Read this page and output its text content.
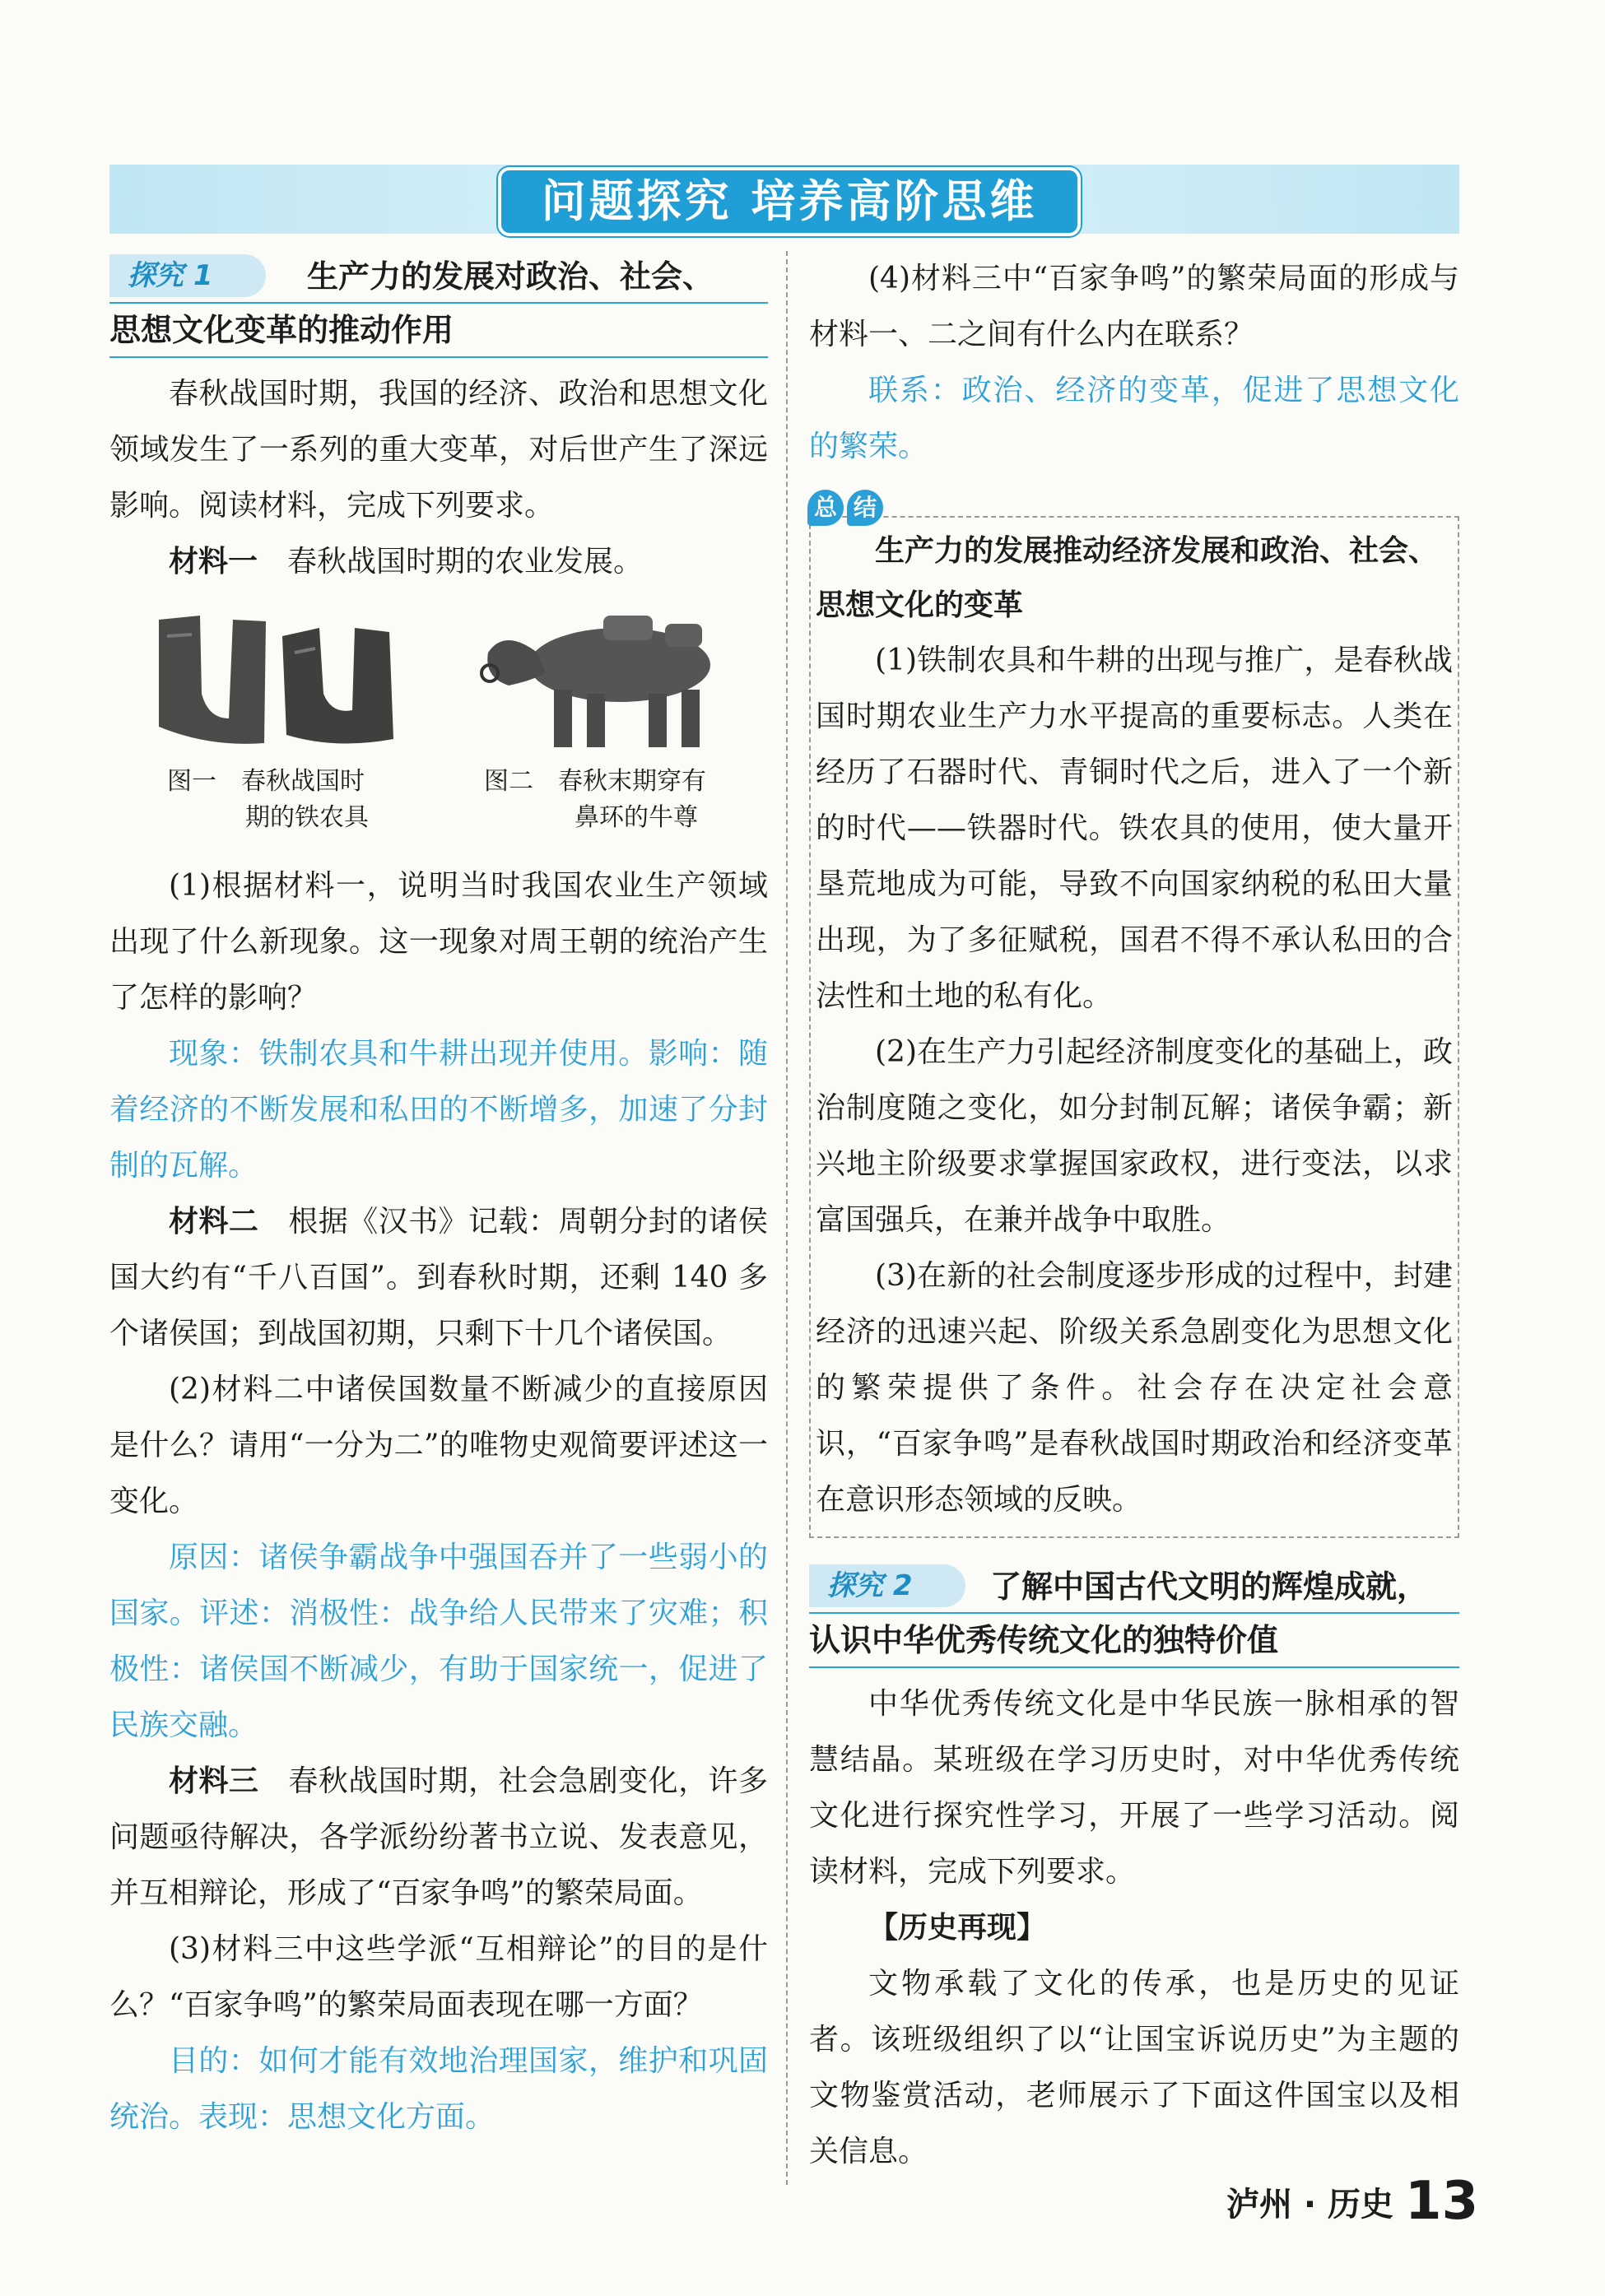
问题探究 培养高阶思维
探究 1	生产力的发展对政治、社会、
思想文化变革的推动作用

春秋战国时期，我国的经济、政治和思想文化领域发生了一系列的重大变革，对后世产生了深远影响。阅读材料，完成下列要求。

材料一 春秋战国时期的农业发展。

图一　春秋战国时
期的铁农具
图二　春秋末期穿有
鼻环的牛尊

(1)根据材料一，说明当时我国农业生产领域出现了什么新现象。这一现象对周王朝的统治产生了怎样的影响？

现象：铁制农具和牛耕出现并使用。影响：随着经济的不断发展和私田的不断增多，加速了分封制的瓦解。

材料二 根据《汉书》记载：周朝分封的诸侯国大约有“千八百国”。到春秋时期，还剩 140 多个诸侯国；到战国初期，只剩下十几个诸侯国。

(2)材料二中诸侯国数量不断减少的直接原因是什么？请用“一分为二”的唯物史观简要评述这一变化。

原因：诸侯争霸战争中强国吞并了一些弱小的国家。评述：消极性：战争给人民带来了灾难；积极性：诸侯国不断减少，有助于国家统一，促进了民族交融。

材料三 春秋战国时期，社会急剧变化，许多问题亟待解决，各学派纷纷著书立说、发表意见，并互相辩论，形成了“百家争鸣”的繁荣局面。

(3)材料三中这些学派“互相辩论”的目的是什么？“百家争鸣”的繁荣局面表现在哪一方面？

目的：如何才能有效地治理国家，维护和巩固统治。表现：思想文化方面。

(4)材料三中“百家争鸣”的繁荣局面的形成与材料一、二之间有什么内在联系？

联系：政治、经济的变革，促进了思想文化的繁荣。

总 结

生产力的发展推动经济发展和政治、社会、思想文化的变革

(1)铁制农具和牛耕的出现与推广，是春秋战国时期农业生产力水平提高的重要标志。人类在经历了石器时代、青铜时代之后，进入了一个新的时代——铁器时代。铁农具的使用，使大量开垦荒地成为可能，导致不向国家纳税的私田大量出现，为了多征赋税，国君不得不承认私田的合法性和土地的私有化。

(2)在生产力引起经济制度变化的基础上，政治制度随之变化，如分封制瓦解；诸侯争霸；新兴地主阶级要求掌握国家政权，进行变法，以求富国强兵，在兼并战争中取胜。

(3)在新的社会制度逐步形成的过程中，封建经济的迅速兴起、阶级关系急剧变化为思想文化的繁荣提供了条件。社会存在决定社会意识，“百家争鸣”是春秋战国时期政治和经济变革在意识形态领域的反映。

探究 2	了解中国古代文明的辉煌成就，
认识中华优秀传统文化的独特价值

中华优秀传统文化是中华民族一脉相承的智慧结晶。某班级在学习历史时，对中华优秀传统文化进行探究性学习，开展了一些学习活动。阅读材料，完成下列要求。

【历史再现】

文物承载了文化的传承，也是历史的见证者。该班级组织了以“让国宝诉说历史”为主题的文物鉴赏活动，老师展示了下面这件国宝以及相关信息。

泸州 · 历史 13
